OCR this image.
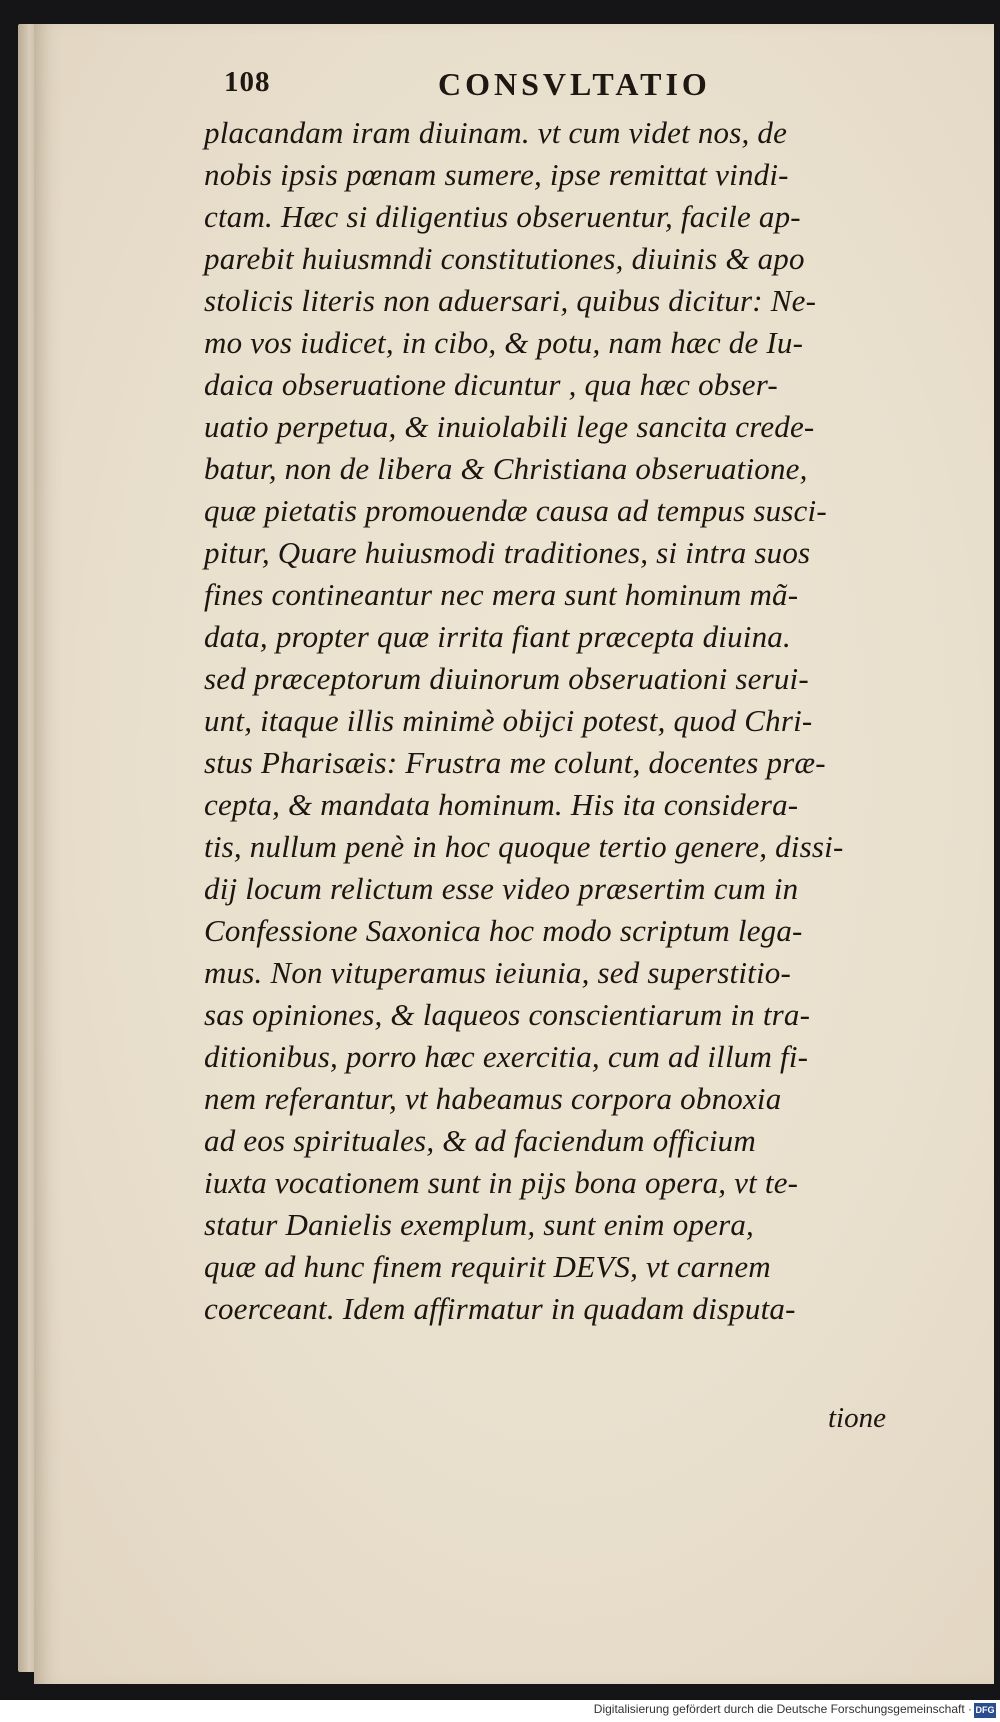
108	CONSVLTATIO
placandam iram diuinam. vt cum videt nos, de
nobis ipsis pœnam sumere, ipse remittat vindi-
ctam. Hæc si diligentius obseruentur, facile ap-
parebit huiusmndi constitutiones, diuinis & apo
stolicis literis non aduersari, quibus dicitur: Ne-
mo vos iudicet, in cibo, & potu, nam hæc de Iu-
daica obseruatione dicuntur , qua hæc obser-
uatio perpetua, & inuiolabili lege sancita crede-
batur, non de libera & Christiana obseruatione,
quæ pietatis promouendæ causa ad tempus susci-
pitur, Quare huiusmodi traditiones, si intra suos
fines contineantur nec mera sunt hominum mã-
data, propter quæ irrita fiant præcepta diuina.
sed præceptorum diuinorum obseruationi serui-
unt, itaque illis minimè obijci potest, quod Chri-
stus Pharisæis: Frustra me colunt, docentes præ-
cepta, & mandata hominum. His ita considera-
tis, nullum penè in hoc quoque tertio genere, dissi-
dij locum relictum esse video præsertim cum in
Confessione Saxonica hoc modo scriptum lega-
mus. Non vituperamus ieiunia, sed superstitio-
sas opiniones, & laqueos conscientiarum in tra-
ditionibus, porro hæc exercitia, cum ad illum fi-
nem referantur, vt habeamus corpora obnoxia
ad eos spirituales, & ad faciendum officium
iuxta vocationem sunt in pijs bona opera, vt te-
statur Danielis exemplum, sunt enim opera,
quæ ad hunc finem requirit DEVS, vt carnem
coerceant. Idem affirmatur in quadam disputa-
tione
Digitalisierung gefördert durch die Deutsche Forschungsgemeinschaft · DFG
